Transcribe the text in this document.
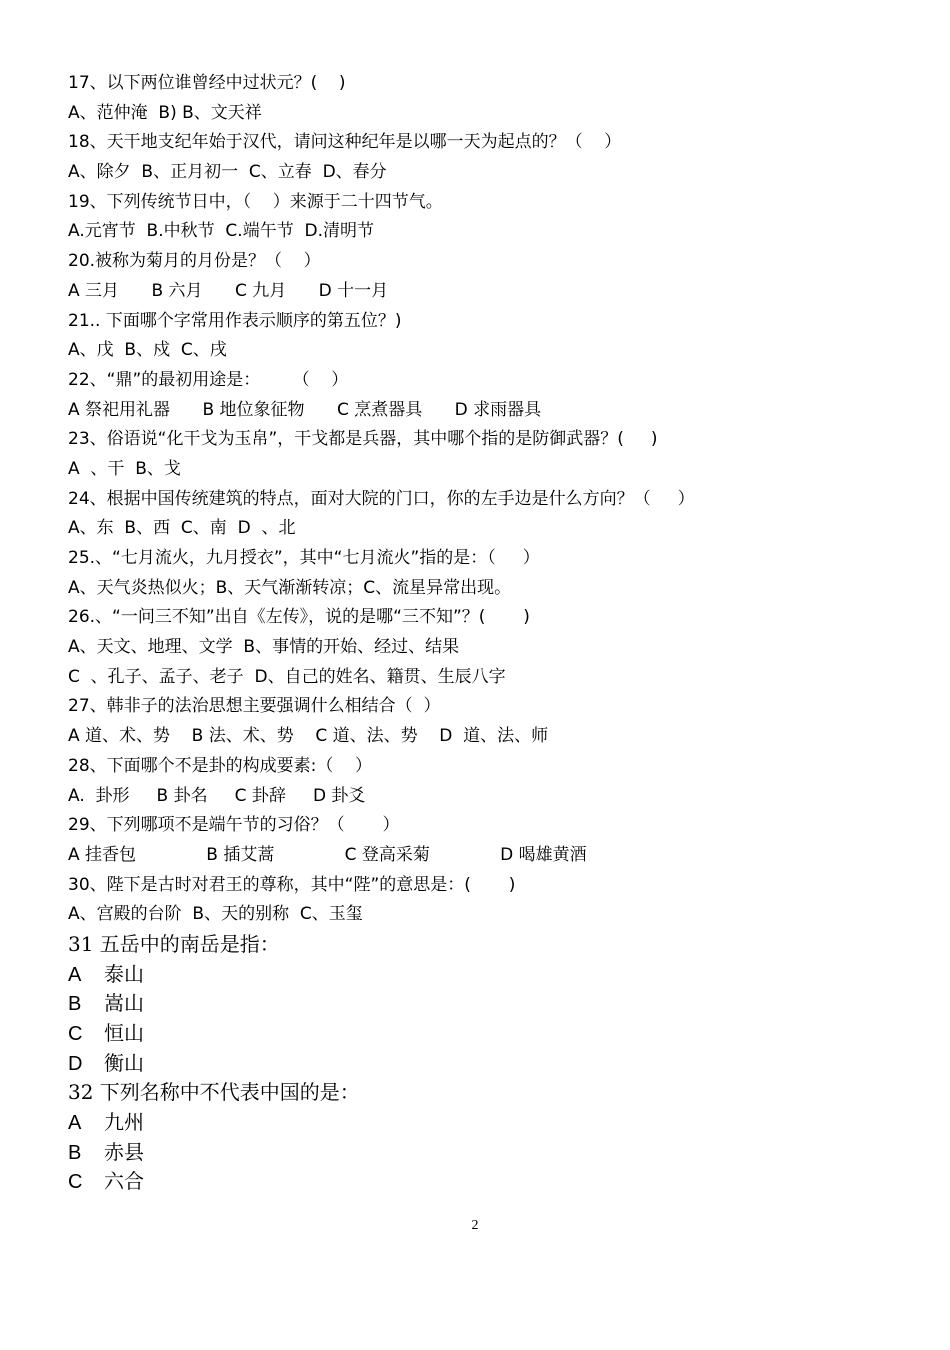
17、以下两位谁曾经中过状元？(    )
A、范仲淹  B) B、文天祥
18、天干地支纪年始于汉代，请问这种纪年是以哪一天为起点的？（    ）
A、除夕  B、正月初一  C、立春  D、春分
19、下列传统节日中，（    ）来源于二十四节气。
A.元宵节  B.中秋节  C.端午节  D.清明节
20.被称为菊月的月份是？（    ）
A 三月      B 六月      C 九月      D 十一月
21.. 下面哪个字常用作表示顺序的第五位？)
A、戊  B、戍  C、戌
22、“鼎”的最初用途是：      （    ）
A 祭祀用礼器      B 地位象征物      C 烹煮器具      D 求雨器具
23、俗语说“化干戈为玉帛”，干戈都是兵器，其中哪个指的是防御武器？(     )
A  、干  B、戈
24、根据中国传统建筑的特点，面对大院的门口，你的左手边是什么方向？（     ）
A、东  B、西  C、南  D  、北
25.、“七月流火，九月授衣”，其中“七月流火”指的是：（     ）
A、天气炎热似火；B、天气渐渐转凉；C、流星异常出现。
26.、“一问三不知”出自《左传》，说的是哪“三不知”？(       )
A、天文、地理、文学  B、事情的开始、经过、结果
C  、孔子、孟子、老子  D、自己的姓名、籍贯、生辰八字
27、韩非子的法治思想主要强调什么相结合（  ）
A 道、术、势    B 法、术、势    C 道、法、势    D  道、法、师
28、下面哪个不是卦的构成要素:（    ）
A.  卦形     B 卦名     C 卦辞     D 卦爻
29、下列哪项不是端午节的习俗？（       ）
A 挂香包             B 插艾蒿             C 登高采菊             D 喝雄黄酒
30、陛下是古时对君王的尊称，其中“陛”的意思是：(       )
A、宫殿的台阶  B、天的别称  C、玉玺
31 五岳中的南岳是指：
A 泰山
B 嵩山
C 恒山
D 衡山
32 下列名称中不代表中国的是：
A 九州
B 赤县
C 六合
2
